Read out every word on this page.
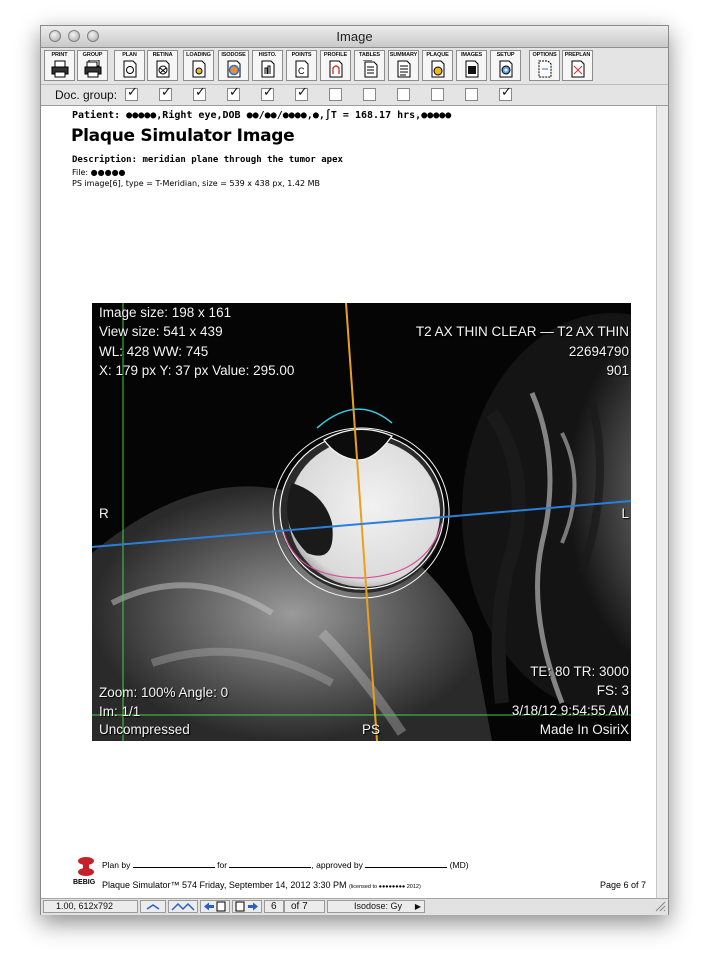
Image
PRINT	GROUP	PLAN	RETINA	LOADING	ISODOSE	HISTO.	POINTS
C
PROFILE	TABLES	SUMMARY	PLAQUE	IMAGES	SETUP	OPTIONS	PREPLAN
Doc. group: ✓ ✓ ✓ ✓ ✓ ✓	✓
Patient: ●●●●●,Right eye,DOB ●●/●●/●●●●,●,∫T = 168.17 hrs,●●●●●
Plaque Simulator Image
Description: meridian plane through the tumor apex
File: ●●●●●
PS image[6], type = T-Meridian, size = 539 x 438 px, 1.42 MB
Image size: 198 x 161
View size: 541 x 439
WL: 428 WW: 745
X: 179 px Y: 37 px Value: 295.00
T2 AX THIN CLEAR — T2 AX THIN
22694790
901
R	L
TE: 80 TR: 3000
FS: 3
3/18/12 9:54:55 AM
Zoom: 100% Angle: 0
Im: 1/1
Uncompressed	PS	Made In OsiriX
BEBIG
Plan by	for	, approved by	(MD)
Plaque Simulator™ 574 Friday, September 14, 2012 3:30 PM (licensed to ●●●●●●●● 2012)	Page 6 of 7
1.00, 612x792	6	of 7	Isodose: Gy ▶
